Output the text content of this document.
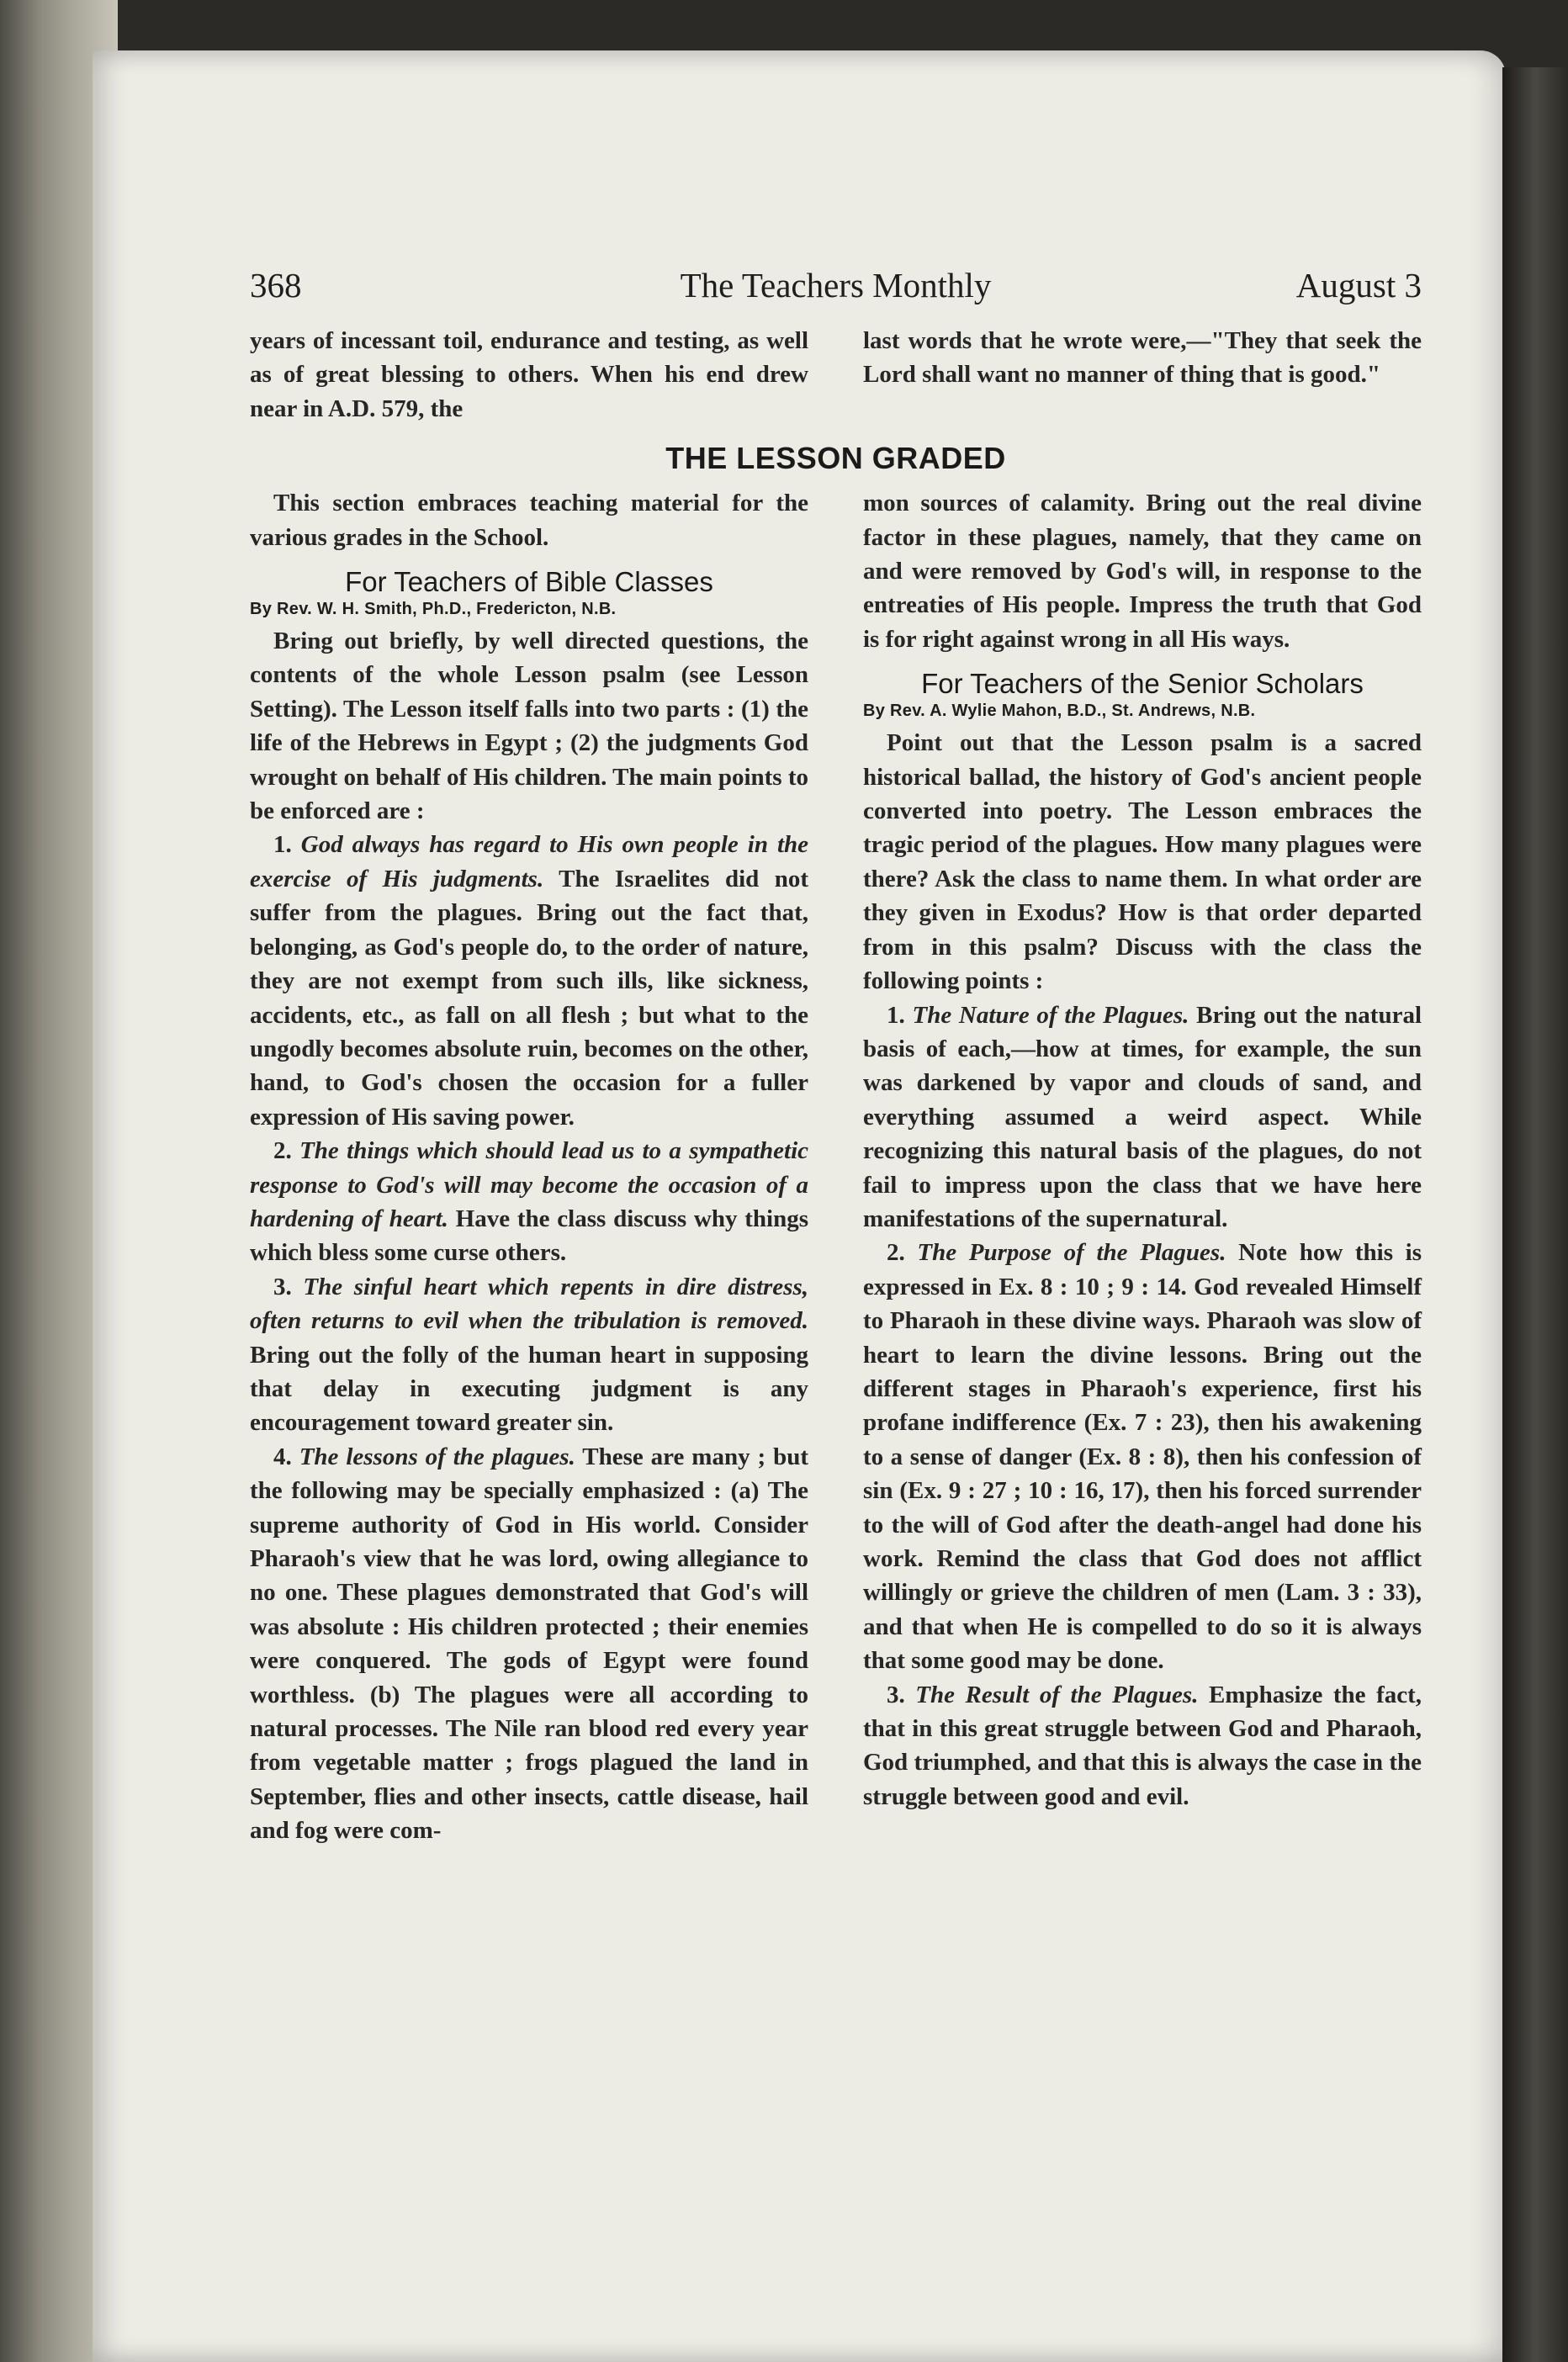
The Teachers Monthly
368	August 3

years of incessant toil, endurance and testing, as well as of great blessing to others. When his end drew near in A.D. 579, the

last words that he wrote were,—"They that seek the Lord shall want no manner of thing that is good."

THE LESSON GRADED

This section embraces teaching material for the various grades in the School.

For Teachers of Bible Classes
By Rev. W. H. Smith, Ph.D., Fredericton, N.B.

Bring out briefly, by well directed questions, the contents of the whole Lesson psalm (see Lesson Setting). The Lesson itself falls into two parts : (1) the life of the Hebrews in Egypt ; (2) the judgments God wrought on behalf of His children. The main points to be enforced are :

1. God always has regard to His own people in the exercise of His judgments. The Israelites did not suffer from the plagues. Bring out the fact that, belonging, as God's people do, to the order of nature, they are not exempt from such ills, like sickness, accidents, etc., as fall on all flesh ; but what to the ungodly becomes absolute ruin, becomes on the other, hand, to God's chosen the occasion for a fuller expression of His saving power.

2. The things which should lead us to a sympathetic response to God's will may become the occasion of a hardening of heart. Have the class discuss why things which bless some curse others.

3. The sinful heart which repents in dire distress, often returns to evil when the tribulation is removed. Bring out the folly of the human heart in supposing that delay in executing judgment is any encouragement toward greater sin.

4. The lessons of the plagues. These are many ; but the following may be specially emphasized : (a) The supreme authority of God in His world. Consider Pharaoh's view that he was lord, owing allegiance to no one. These plagues demonstrated that God's will was absolute : His children protected ; their enemies were conquered. The gods of Egypt were found worthless. (b) The plagues were all according to natural processes. The Nile ran blood red every year from vegetable matter ; frogs plagued the land in September, flies and other insects, cattle disease, hail and fog were com-

mon sources of calamity. Bring out the real divine factor in these plagues, namely, that they came on and were removed by God's will, in response to the entreaties of His people. Impress the truth that God is for right against wrong in all His ways.

For Teachers of the Senior Scholars
By Rev. A. Wylie Mahon, B.D., St. Andrews, N.B.

Point out that the Lesson psalm is a sacred historical ballad, the history of God's ancient people converted into poetry. The Lesson embraces the tragic period of the plagues. How many plagues were there? Ask the class to name them. In what order are they given in Exodus? How is that order departed from in this psalm? Discuss with the class the following points :

1. The Nature of the Plagues. Bring out the natural basis of each,—how at times, for example, the sun was darkened by vapor and clouds of sand, and everything assumed a weird aspect. While recognizing this natural basis of the plagues, do not fail to impress upon the class that we have here manifestations of the supernatural.

2. The Purpose of the Plagues. Note how this is expressed in Ex. 8 : 10 ; 9 : 14. God revealed Himself to Pharaoh in these divine ways. Pharaoh was slow of heart to learn the divine lessons. Bring out the different stages in Pharaoh's experience, first his profane indifference (Ex. 7 : 23), then his awakening to a sense of danger (Ex. 8 : 8), then his confession of sin (Ex. 9 : 27 ; 10 : 16, 17), then his forced surrender to the will of God after the death-angel had done his work. Remind the class that God does not afflict willingly or grieve the children of men (Lam. 3 : 33), and that when He is compelled to do so it is always that some good may be done.

3. The Result of the Plagues. Emphasize the fact, that in this great struggle between God and Pharaoh, God triumphed, and that this is always the case in the struggle between good and evil.
